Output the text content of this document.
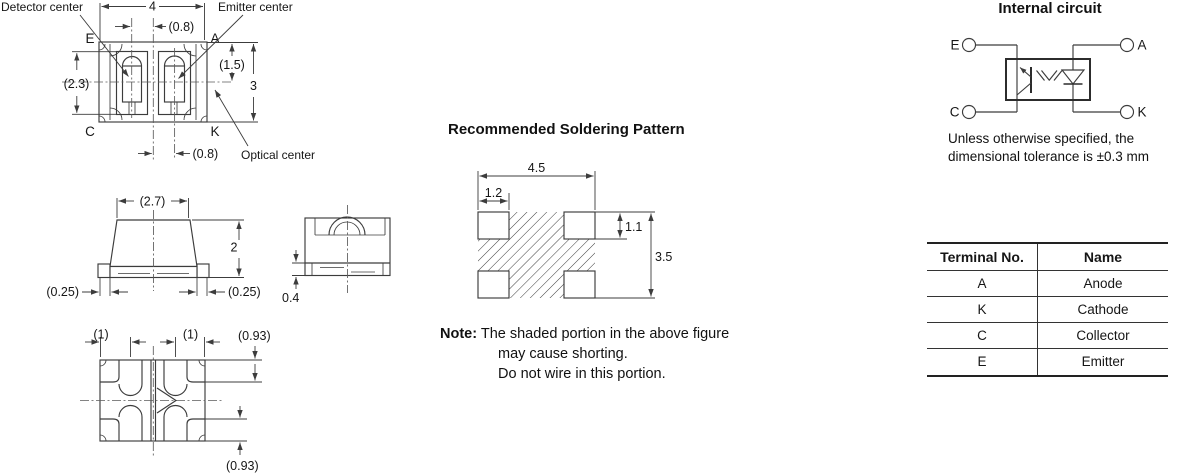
4
(0.8)
E	A
C	K
Detector center	Emitter center
Optical center
(2.3)
(1.5)
3
(0.8)
(2.7)
2
(0.25)	(0.25) 0.4
(1)	(1)	(0.93)
(0.93)
Recommended Soldering Pattern
4.5
1.2
1.1
3.5
Note: The shaded portion in the above figure
may cause shorting.
Do not wire in this portion.
Internal circuit
E	A
C	K
Unless otherwise specified, the
dimensional tolerance is ±0.3 mm
Terminal No.	Name
A	Anode
K	Cathode
C	Collector
E	Emitter
